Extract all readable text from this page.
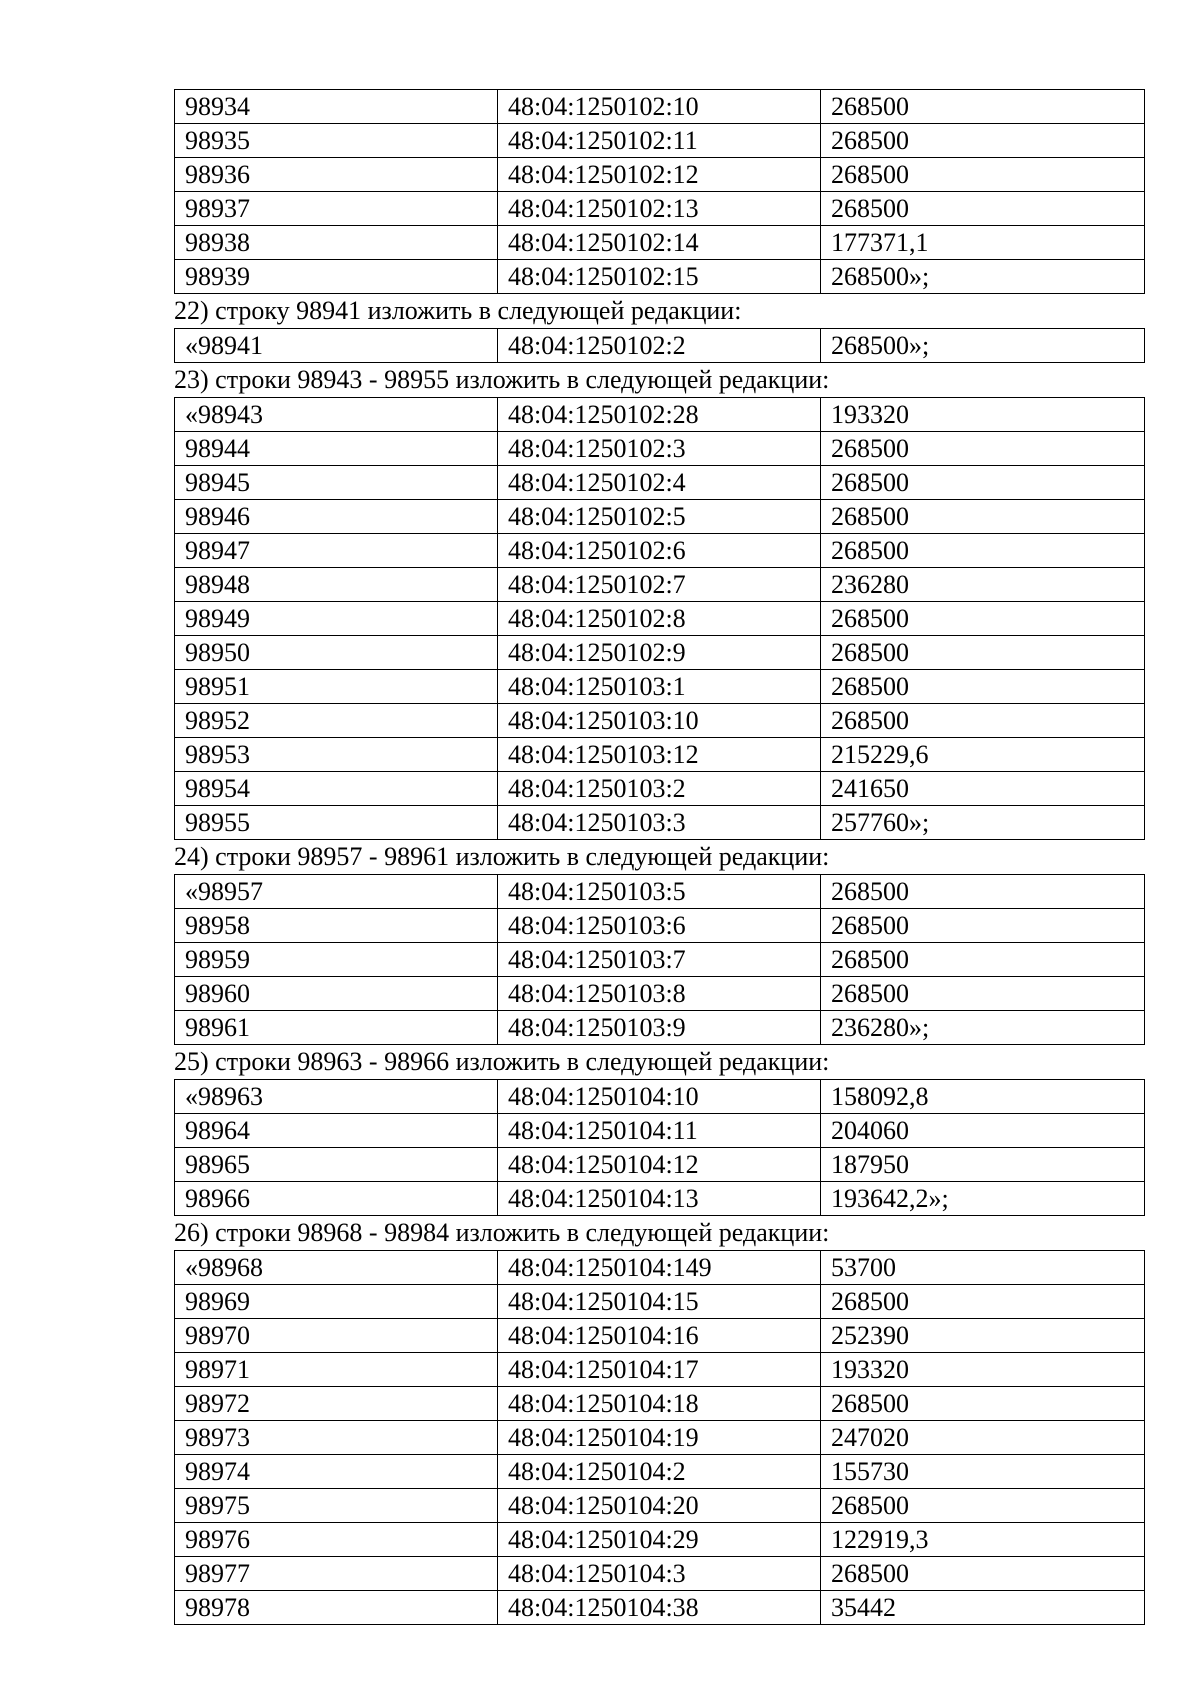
98934	48:04:1250102:10	268500
98935	48:04:1250102:11	268500
98936	48:04:1250102:12	268500
98937	48:04:1250102:13	268500
98938	48:04:1250102:14	177371,1
98939	48:04:1250102:15	268500»;
22) строку 98941 изложить в следующей редакции:
«98941	48:04:1250102:2	268500»;
23) строки 98943 - 98955 изложить в следующей редакции:
«98943	48:04:1250102:28	193320
98944	48:04:1250102:3	268500
98945	48:04:1250102:4	268500
98946	48:04:1250102:5	268500
98947	48:04:1250102:6	268500
98948	48:04:1250102:7	236280
98949	48:04:1250102:8	268500
98950	48:04:1250102:9	268500
98951	48:04:1250103:1	268500
98952	48:04:1250103:10	268500
98953	48:04:1250103:12	215229,6
98954	48:04:1250103:2	241650
98955	48:04:1250103:3	257760»;
24) строки 98957 - 98961 изложить в следующей редакции:
«98957	48:04:1250103:5	268500
98958	48:04:1250103:6	268500
98959	48:04:1250103:7	268500
98960	48:04:1250103:8	268500
98961	48:04:1250103:9	236280»;
25) строки 98963 - 98966 изложить в следующей редакции:
«98963	48:04:1250104:10	158092,8
98964	48:04:1250104:11	204060
98965	48:04:1250104:12	187950
98966	48:04:1250104:13	193642,2»;
26) строки 98968 - 98984 изложить в следующей редакции:
«98968	48:04:1250104:149	53700
98969	48:04:1250104:15	268500
98970	48:04:1250104:16	252390
98971	48:04:1250104:17	193320
98972	48:04:1250104:18	268500
98973	48:04:1250104:19	247020
98974	48:04:1250104:2	155730
98975	48:04:1250104:20	268500
98976	48:04:1250104:29	122919,3
98977	48:04:1250104:3	268500
98978	48:04:1250104:38	35442
